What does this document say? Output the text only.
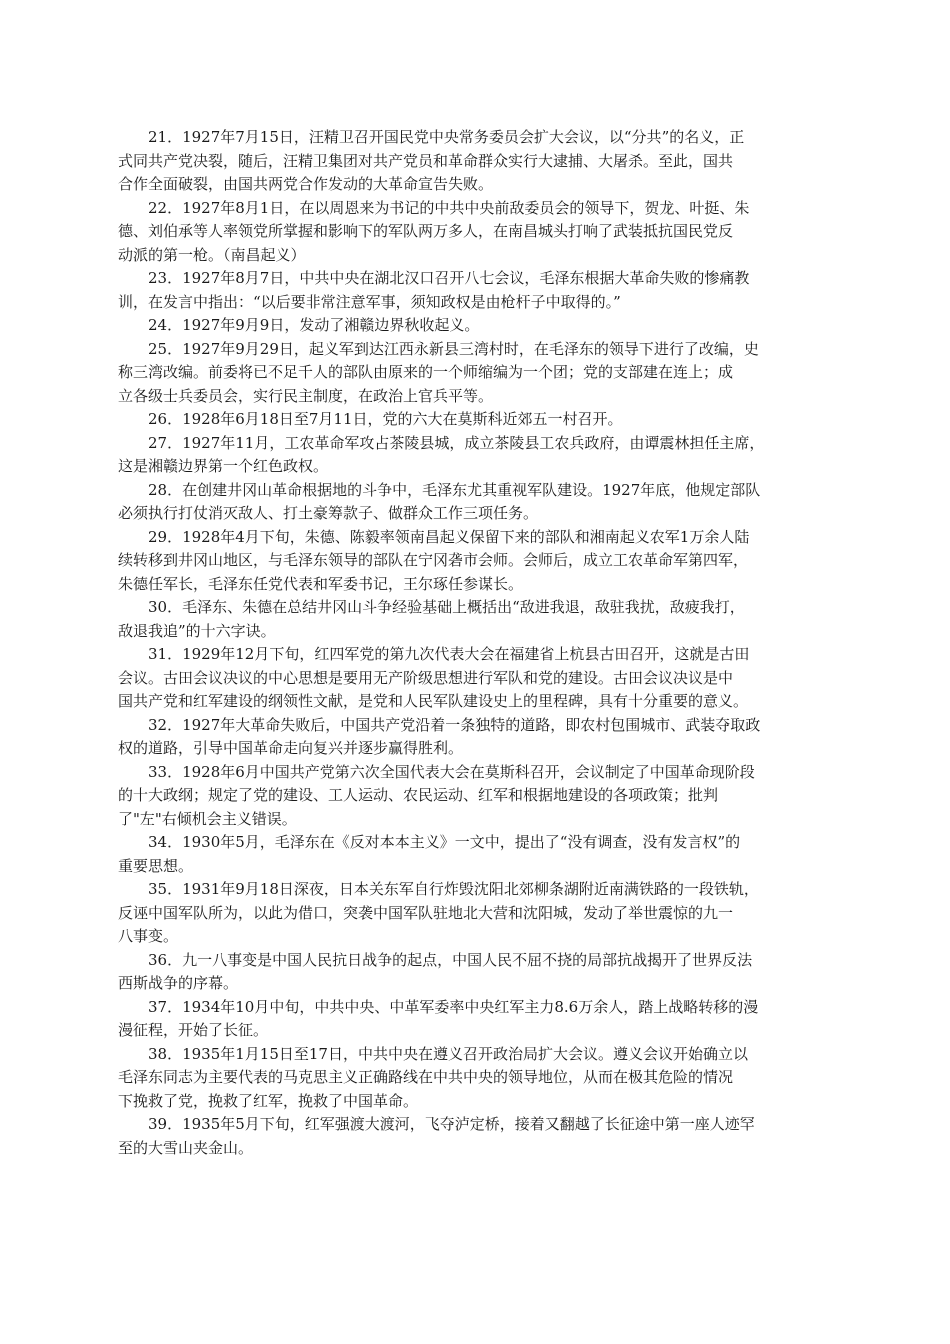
21．1927年7月15日，汪精卫召开国民党中央常务委员会扩大会议，以“分共”的名义，正
式同共产党决裂，随后，汪精卫集团对共产党员和革命群众实行大逮捕、大屠杀。至此，国共
合作全面破裂，由国共两党合作发动的大革命宣告失败。

22．1927年8月1日，在以周恩来为书记的中共中央前敌委员会的领导下，贺龙、叶挺、朱
德、刘伯承等人率领党所掌握和影响下的军队两万多人，在南昌城头打响了武装抵抗国民党反
动派的第一枪。（南昌起义）

23．1927年8月7日，中共中央在湖北汉口召开八七会议，毛泽东根据大革命失败的惨痛教
训，在发言中指出：“以后要非常注意军事，须知政权是由枪杆子中取得的。”

24．1927年9月9日，发动了湘赣边界秋收起义。

25．1927年9月29日，起义军到达江西永新县三湾村时，在毛泽东的领导下进行了改编，史
称三湾改编。前委将已不足千人的部队由原来的一个师缩编为一个团；党的支部建在连上；成
立各级士兵委员会，实行民主制度，在政治上官兵平等。

26．1928年6月18日至7月11日，党的六大在莫斯科近郊五一村召开。

27．1927年11月，工农革命军攻占茶陵县城，成立茶陵县工农兵政府，由谭震林担任主席，
这是湘赣边界第一个红色政权。

28．在创建井冈山革命根据地的斗争中，毛泽东尤其重视军队建设。1927年底，他规定部队
必须执行打仗消灭敌人、打土豪筹款子、做群众工作三项任务。

29．1928年4月下旬，朱德、陈毅率领南昌起义保留下来的部队和湘南起义农军1万余人陆
续转移到井冈山地区，与毛泽东领导的部队在宁冈砻市会师。会师后，成立工农革命军第四军，
朱德任军长，毛泽东任党代表和军委书记，王尔琢任参谋长。

30．毛泽东、朱德在总结井冈山斗争经验基础上概括出“敌进我退，敌驻我扰，敌疲我打，
敌退我追”的十六字诀。

31．1929年12月下旬，红四军党的第九次代表大会在福建省上杭县古田召开，这就是古田
会议。古田会议决议的中心思想是要用无产阶级思想进行军队和党的建设。古田会议决议是中
国共产党和红军建设的纲领性文献，是党和人民军队建设史上的里程碑，具有十分重要的意义。

32．1927年大革命失败后，中国共产党沿着一条独特的道路，即农村包围城市、武装夺取政
权的道路，引导中国革命走向复兴并逐步赢得胜利。

33．1928年6月中国共产党第六次全国代表大会在莫斯科召开，会议制定了中国革命现阶段
的十大政纲；规定了党的建设、工人运动、农民运动、红军和根据地建设的各项政策；批判
了"左"右倾机会主义错误。

34．1930年5月，毛泽东在《反对本本主义》一文中，提出了“没有调查，没有发言权”的
重要思想。

35．1931年9月18日深夜，日本关东军自行炸毁沈阳北郊柳条湖附近南满铁路的一段铁轨，
反诬中国军队所为，以此为借口，突袭中国军队驻地北大营和沈阳城，发动了举世震惊的九一
八事变。

36．九一八事变是中国人民抗日战争的起点，中国人民不屈不挠的局部抗战揭开了世界反法
西斯战争的序幕。

37．1934年10月中旬，中共中央、中革军委率中央红军主力8.6万余人，踏上战略转移的漫
漫征程，开始了长征。

38．1935年1月15日至17日，中共中央在遵义召开政治局扩大会议。遵义会议开始确立以
毛泽东同志为主要代表的马克思主义正确路线在中共中央的领导地位，从而在极其危险的情况
下挽救了党，挽救了红军，挽救了中国革命。

39．1935年5月下旬，红军强渡大渡河，飞夺泸定桥，接着又翻越了长征途中第一座人迹罕
至的大雪山夹金山。
